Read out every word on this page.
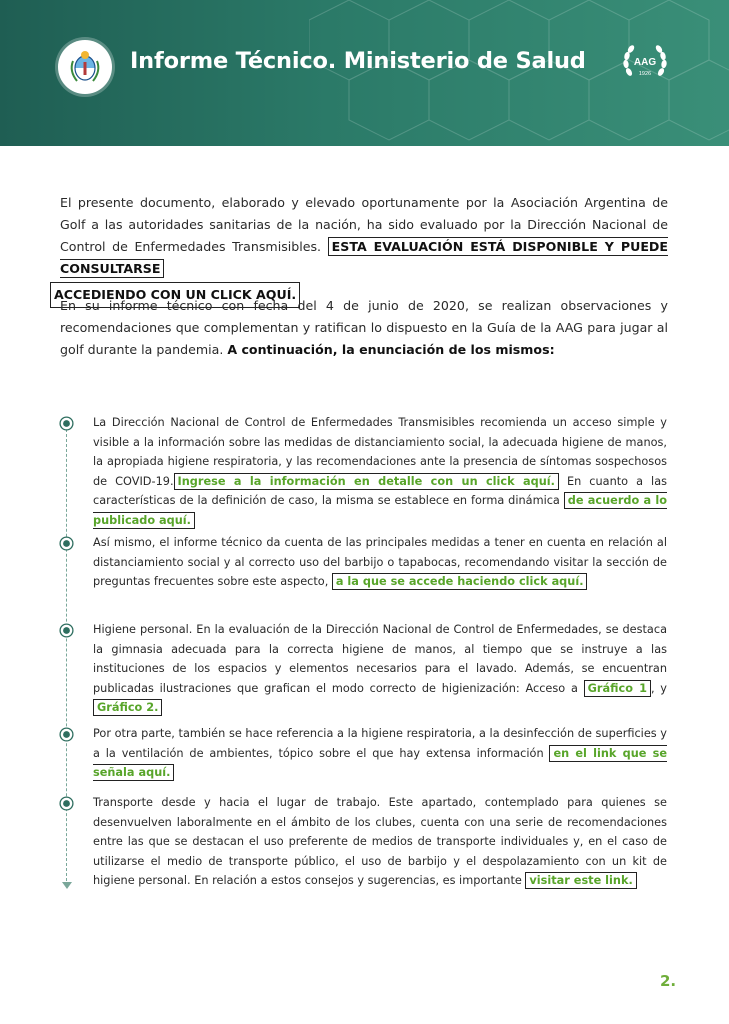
Informe Técnico. Ministerio de Salud	AAG
1926
El presente documento, elaborado y elevado oportunamente por la Asociación Argentina de Golf a las autoridades sanitarias de la nación, ha sido evaluado por la Dirección Nacional de Control de Enfermedades Transmisibles. ESTA EVALUACIÓN ESTÁ DISPONIBLE Y PUEDE CONSULTARSE
ACCEDIENDO CON UN CLICK AQUÍ.
En su informe técnico con fecha del 4 de junio de 2020, se realizan observaciones y recomendaciones que complementan y ratifican lo dispuesto en la Guía de la AAG para jugar al golf durante la pandemia. A continuación, la enunciación de los mismos:
La Dirección Nacional de Control de Enfermedades Transmisibles recomienda un acceso simple y visible a la información sobre las medidas de distanciamiento social, la adecuada higiene de manos, la apropiada higiene respiratoria, y las recomendaciones ante la presencia de síntomas sospechosos de COVID-19. Ingrese a la información en detalle con un click aquí. En cuanto a las características de la definición de caso, la misma se establece en forma dinámica de acuerdo a lo publicado aquí.
Así mismo, el informe técnico da cuenta de las principales medidas a tener en cuenta en relación al distanciamiento social y al correcto uso del barbijo o tapabocas, recomendando visitar la sección de preguntas frecuentes sobre este aspecto, a la que se accede haciendo click aquí.
Higiene personal. En la evaluación de la Dirección Nacional de Control de Enfermedades, se destaca la gimnasia adecuada para la correcta higiene de manos, al tiempo que se instruye a las instituciones de los espacios y elementos necesarios para el lavado. Además, se encuentran publicadas ilustraciones que grafican el modo correcto de higienización: Acceso a Gráfico 1 , y Gráfico 2.
Por otra parte, también se hace referencia a la higiene respiratoria, a la desinfección de superficies y a la ventilación de ambientes, tópico sobre el que hay extensa información en el link que se señala aquí.
Transporte desde y hacia el lugar de trabajo. Este apartado, contemplado para quienes se desenvuelven laboralmente en el ámbito de los clubes, cuenta con una serie de recomendaciones entre las que se destacan el uso preferente de medios de transporte individuales y, en el caso de utilizarse el medio de transporte público, el uso de barbijo y el despolazamiento con un kit de higiene personal. En relación a estos consejos y sugerencias, es importante visitar este link.
2.
